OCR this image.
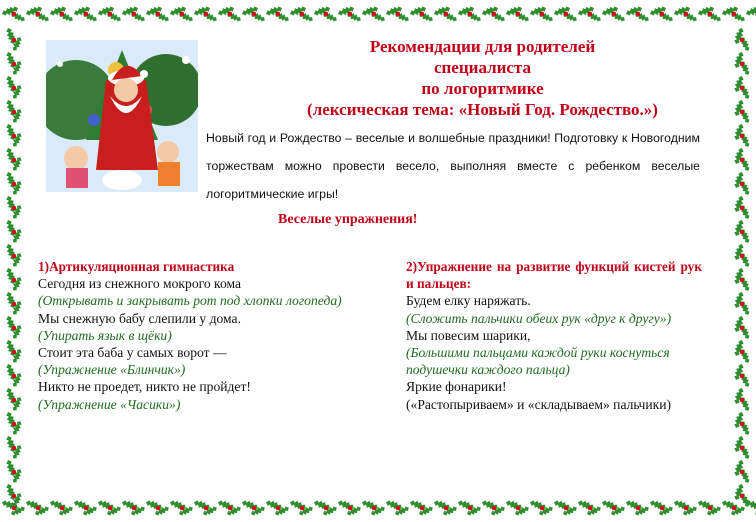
Рекомендации для родителей
специалиста
по логоритмике
(лексическая тема: «Новый Год. Рождество.»)
Новый год и Рождество – веселые и волшебные праздники! Подготовку к Новогодним торжествам можно провести весело, выполняя вместе с ребенком веселые логоритмические игры!
Веселые упражнения!
1)Артикуляционная гимнастика
Сегодня из снежного мокрого кома
(Открывать и закрывать рот под хлопки логопеда)
Мы снежную бабу слепили у дома.
(Упирать язык в щёки)
Стоит эта баба у самых ворот —
(Упражнение «Блинчик»)
Никто не проедет, никто не пройдет!
(Упражнение «Часики»)
2)Упражнение на развитие функций кистей рук и пальцев:
Будем елку наряжать.
(Сложить пальчики обеих рук «друг к другу»)
Мы повесим шарики,
(Большими пальцами каждой руки коснуться подушечки каждого пальца)
Яркие фонарики!
(«Растопыриваем» и «складываем» пальчики)
